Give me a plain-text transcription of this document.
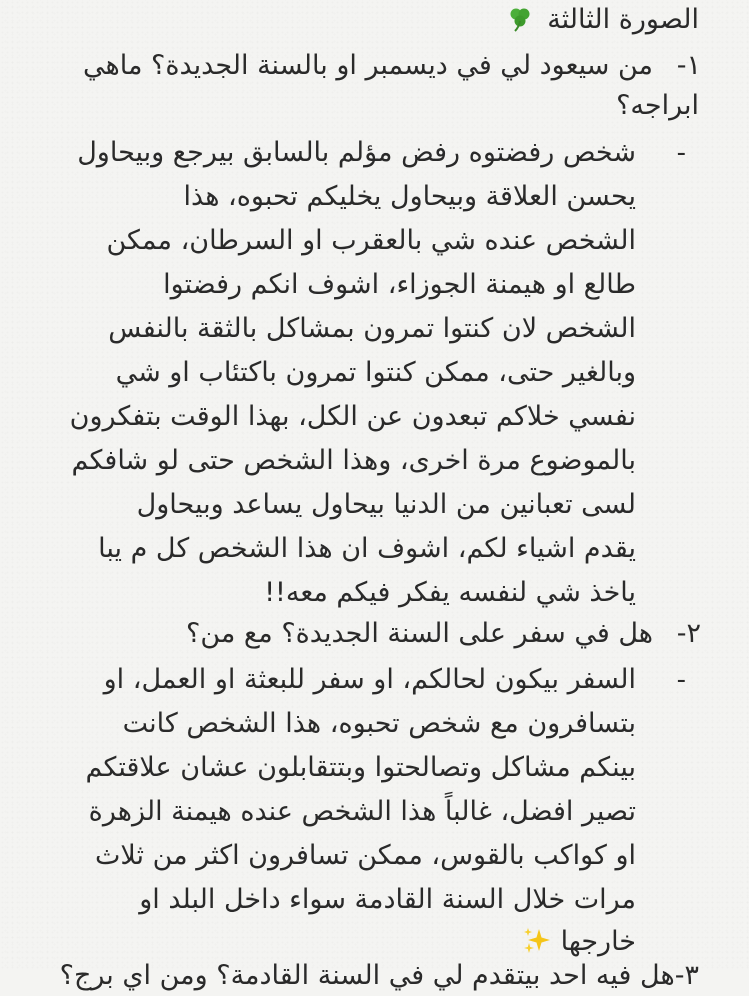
الصورة الثالثة
١-
من سيعود لي في ديسمبر او بالسنة الجديدة؟ ماهي
ابراجه؟
-
شخص رفضتوه رفض مؤلم بالسابق بيرجع وبيحاول
يحسن العلاقة وبيحاول يخليكم تحبوه، هذا
الشخص عنده شي بالعقرب او السرطان، ممكن
طالع او هيمنة الجوزاء، اشوف انكم رفضتوا
الشخص لان كنتوا تمرون بمشاكل بالثقة بالنفس
وبالغير حتى، ممكن كنتوا تمرون باكتئاب او شي
نفسي خلاكم تبعدون عن الكل، بهذا الوقت بتفكرون
بالموضوع مرة اخرى، وهذا الشخص حتى لو شافكم
لسى تعبانين من الدنيا بيحاول يساعد وبيحاول
يقدم اشياء لكم، اشوف ان هذا الشخص كل م يبا
ياخذ شي لنفسه يفكر فيكم معه!!
٢-
هل في سفر على السنة الجديدة؟ مع من؟
-
السفر بيكون لحالكم، او سفر للبعثة او العمل، او
بتسافرون مع شخص تحبوه، هذا الشخص كانت
بينكم مشاكل وتصالحتوا وبتتقابلون عشان علاقتكم
تصير افضل، غالباً هذا الشخص عنده هيمنة الزهرة
او كواكب بالقوس، ممكن تسافرون اكثر من ثلاث
مرات خلال السنة القادمة سواء داخل البلد او
خارجها
٣-هل فيه احد بيتقدم لي في السنة القادمة؟ ومن اي برج؟
